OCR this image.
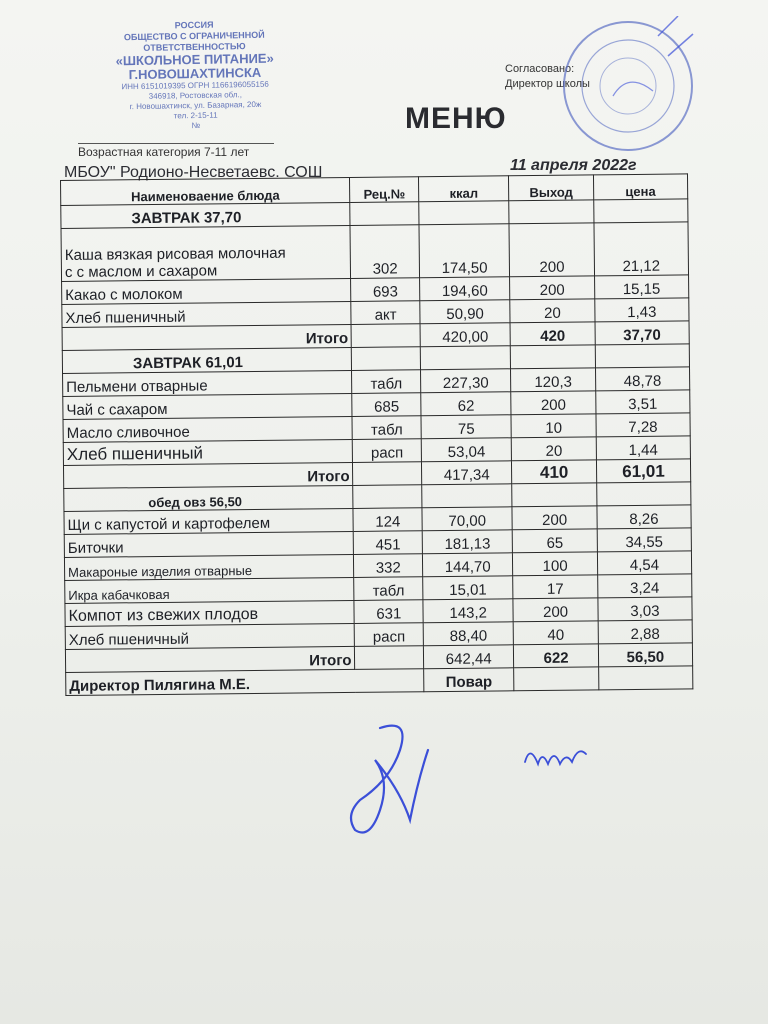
РОССИЯ
ОБЩЕСТВО С ОГРАНИЧЕННОЙ
ОТВЕТСТВЕННОСТЬЮ
«ШКОЛЬНОЕ ПИТАНИЕ»
Г.НОВОШАХТИНСКА
ИНН 6151019395 ОГРН 1166196055156
346918, Ростовская обл.,
г. Новошахтинск, ул. Базарная, 20ж
тел. 2-15-11
№
Возрастная категория 7-11 лет
Согласовано:
Директор школы
МЕНЮ
МБОУ" Родионо-Несветаевс. СОШ	11 апреля 2022г
Наименоваение блюда	Рец.№	ккал	Выход	цена
ЗАВТРАК 37,70				
Каша вязкая рисовая молочная
с с маслом и сахаром	302	174,50	200	21,12
Какао с молоком	693	194,60	200	15,15
Хлеб пшеничный	акт	50,90	20	1,43
Итого		420,00	420	37,70
ЗАВТРАК 61,01				
Пельмени отварные	табл	227,30	120,3	48,78
Чай с сахаром	685	62	200	3,51
Масло сливочное	табл	75	10	7,28
Хлеб пшеничный	расп	53,04	20	1,44
Итого		417,34	410	61,01
обед овз 56,50				
Щи с капустой и картофелем	124	70,00	200	8,26
Биточки	451	181,13	65	34,55
Макароные изделия отварные	332	144,70	100	4,54
Икра кабачковая	табл	15,01	17	3,24
Компот из свежих плодов	631	143,2	200	3,03
Хлеб пшеничный	расп	88,40	40	2,88
Итого		642,44	622	56,50
Директор Пилягина М.Е.		Повар		
